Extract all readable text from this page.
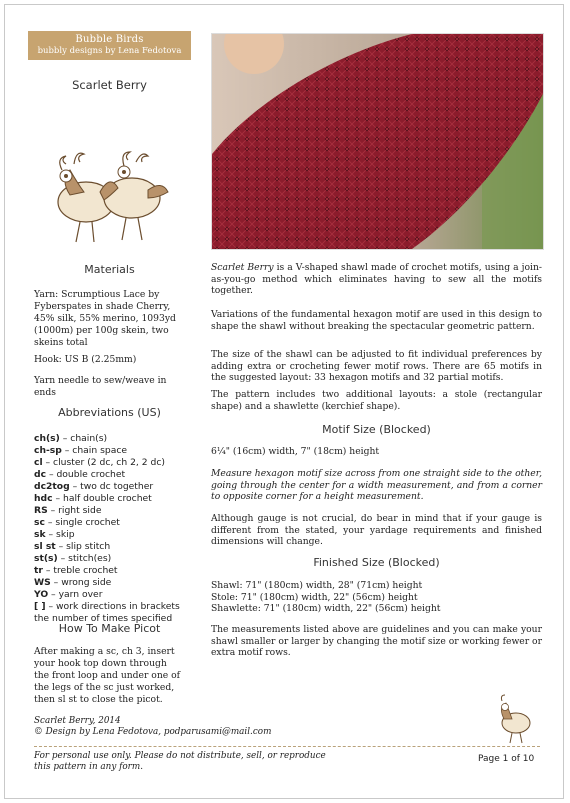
Bubble Birds
bubbly designs by Lena Fedotova
Scarlet Berry
Materials
Yarn: Scrumptious Lace by
Fyberspates in shade Cherry,
45% silk, 55% merino, 1093yd
(1000m) per 100g skein, two
skeins total
Hook: US B (2.25mm)
Yarn needle to sew/weave in
ends
Abbreviations (US)
ch(s) – chain(s)
ch-sp – chain space
cl – cluster (2 dc, ch 2, 2 dc)
dc – double crochet
dc2tog – two dc together
hdc – half double crochet
RS – right side
sc – single crochet
sk – skip
sl st – slip stitch
st(s) – stitch(es)
tr – treble crochet
WS – wrong side
YO – yarn over
[ ] – work directions in brackets
the number of times specified
How To Make Picot
After making a sc, ch 3, insert
your hook top down through
the front loop and under one of
the legs of the sc just worked,
then sl st to close the picot.
Scarlet Berry is a V-shaped shawl made of crochet motifs, using a join-as-you-go method which eliminates having to sew all the motifs together.
Variations of the fundamental hexagon motif are used in this design to shape the shawl without breaking the spectacular geometric pattern.
The size of the shawl can be adjusted to fit individual preferences by adding extra or crocheting fewer motif rows. There are 65 motifs in the suggested layout: 33 hexagon motifs and 32 partial motifs.
The pattern includes two additional layouts: a stole (rectangular shape) and a shawlette (kerchief shape).
Motif Size (Blocked)
6¼" (16cm) width, 7" (18cm) height
Measure hexagon motif size across from one straight side to the other, going through the center for a width measurement, and from a corner to opposite corner for a height measurement.
Although gauge is not crucial, do bear in mind that if your gauge is different from the stated, your yardage requirements and finished dimensions will change.
Finished Size (Blocked)
Shawl: 71" (180cm) width, 28" (71cm) height
Stole: 71" (180cm) width, 22" (56cm) height
Shawlette: 71" (180cm) width, 22" (56cm) height
The measurements listed above are guidelines and you can make your shawl smaller or larger by changing the motif size or working fewer or extra motif rows.
Scarlet Berry, 2014
© Design by Lena Fedotova, podparusami@mail.com
For personal use only. Please do not distribute, sell, or reproduce
this pattern in any form.
Page 1 of 10
